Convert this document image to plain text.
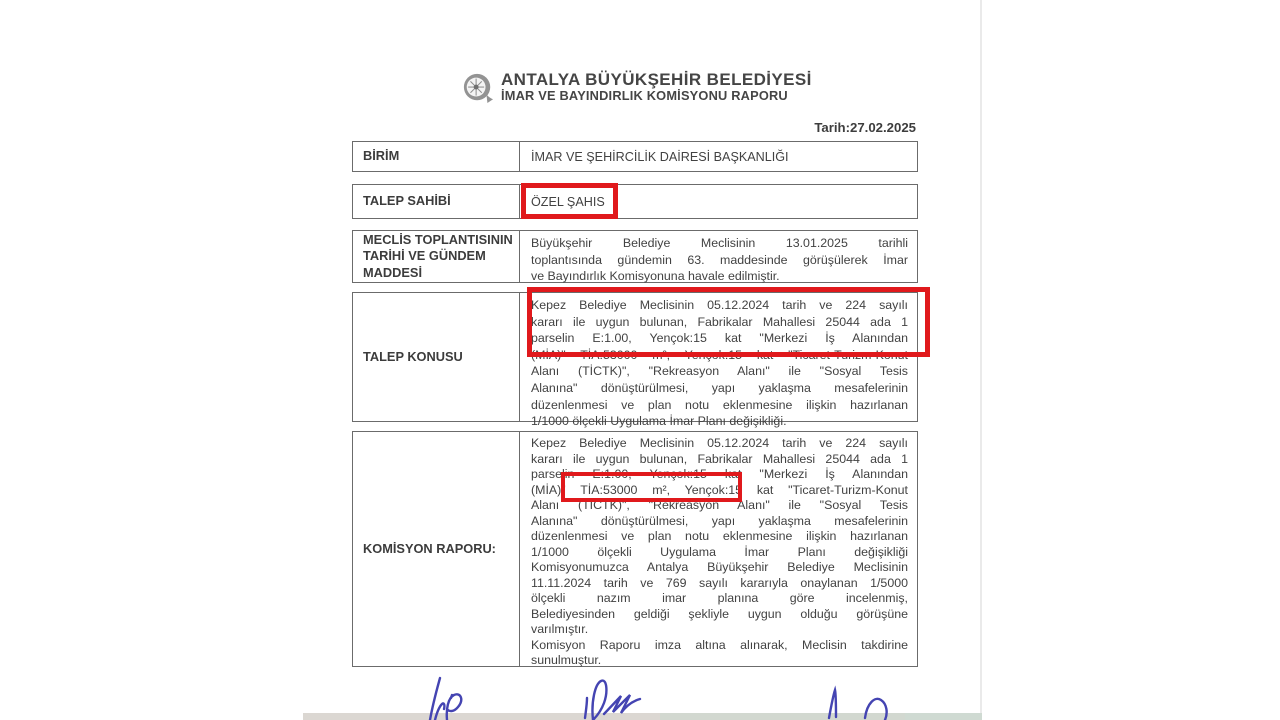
ANTALYA BÜYÜKŞEHİR BELEDİYESİ
İMAR VE BAYINDIRLIK KOMİSYONU RAPORU
Tarih:27.02.2025
BİRİM	İMAR VE ŞEHİRCİLİK DAİRESİ BAŞKANLIĞI
TALEP SAHİBİ	ÖZEL ŞAHIS
MECLİS TOPLANTISININ
TARİHİ VE GÜNDEM
MADDESİ
Büyükşehir Belediye Meclisinin 13.01.2025 tarihli
toplantısında gündemin 63. maddesinde görüşülerek İmar
ve Bayındırlık Komisyonuna havale edilmiştir.
TALEP KONUSU
Kepez Belediye Meclisinin 05.12.2024 tarih ve 224 sayılı
kararı ile uygun bulunan, Fabrikalar Mahallesi 25044 ada 1
parselin E:1.00, Yençok:15 kat "Merkezi İş Alanından
(MİA)" TİA:53000 m², Yençok:15 kat "Ticaret-Turizm-Konut
Alanı (TİCTK)", "Rekreasyon Alanı" ile "Sosyal Tesis
Alanına" dönüştürülmesi, yapı yaklaşma mesafelerinin
düzenlenmesi ve plan notu eklenmesine ilişkin hazırlanan
1/1000 ölçekli Uygulama İmar Planı değişikliği.
KOMİSYON RAPORU:
Kepez Belediye Meclisinin 05.12.2024 tarih ve 224 sayılı
kararı ile uygun bulunan, Fabrikalar Mahallesi 25044 ada 1
parselin E:1.00, Yençok:15 kat "Merkezi İş Alanından
(MİA)" TİA:53000 m², Yençok:15 kat "Ticaret-Turizm-Konut
Alanı (TİCTK)", "Rekreasyon Alanı" ile "Sosyal Tesis
Alanına" dönüştürülmesi, yapı yaklaşma mesafelerinin
düzenlenmesi ve plan notu eklenmesine ilişkin hazırlanan
1/1000 ölçekli Uygulama İmar Planı değişikliği
Komisyonumuzca Antalya Büyükşehir Belediye Meclisinin
11.11.2024 tarih ve 769 sayılı kararıyla onaylanan 1/5000
ölçekli nazım imar planına göre incelenmiş,
Belediyesinden geldiği şekliyle uygun olduğu görüşüne
varılmıştır.
Komisyon Raporu imza altına alınarak, Meclisin takdirine
sunulmuştur.
